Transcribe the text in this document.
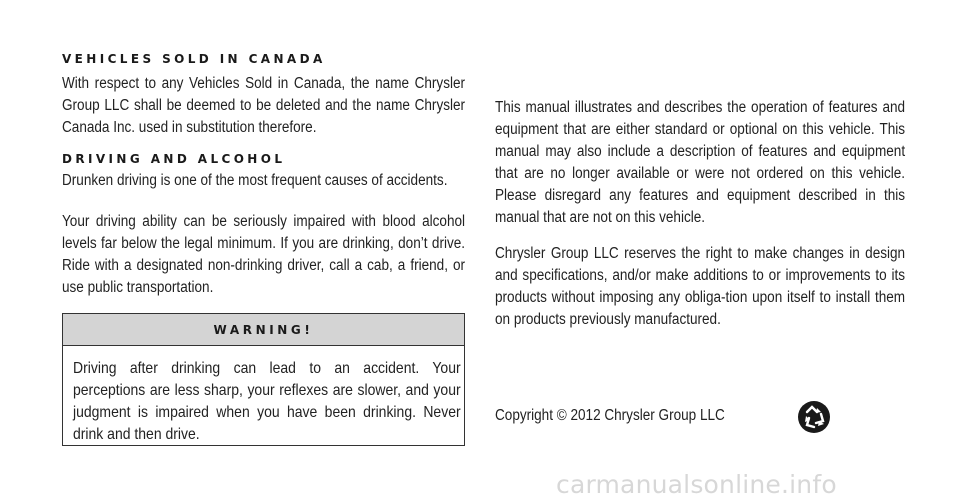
VEHICLES SOLD IN CANADA
With respect to any Vehicles Sold in Canada, the name Chrysler Group LLC shall be deemed to be deleted and the name Chrysler Canada Inc. used in substitution therefore.
DRIVING AND ALCOHOL
Drunken driving is one of the most frequent causes of accidents.
Your driving ability can be seriously impaired with blood alcohol levels far below the legal minimum. If you are drinking, don’t drive. Ride with a designated non-drinking driver, call a cab, a friend, or use public transportation.
WARNING!
Driving after drinking can lead to an accident. Your perceptions are less sharp, your reflexes are slower, and your judgment is impaired when you have been drinking. Never drink and then drive.
This manual illustrates and describes the operation of features and equipment that are either standard or optional on this vehicle. This manual may also include a description of features and equipment that are no longer available or were not ordered on this vehicle. Please disregard any features and equipment described in this manual that are not on this vehicle.
Chrysler Group LLC reserves the right to make changes in design and specifications, and/or make additions to or improvements to its products without imposing any obliga-tion upon itself to install them on products previously manufactured.
Copyright © 2012 Chrysler Group LLC
carmanualsonline.info
